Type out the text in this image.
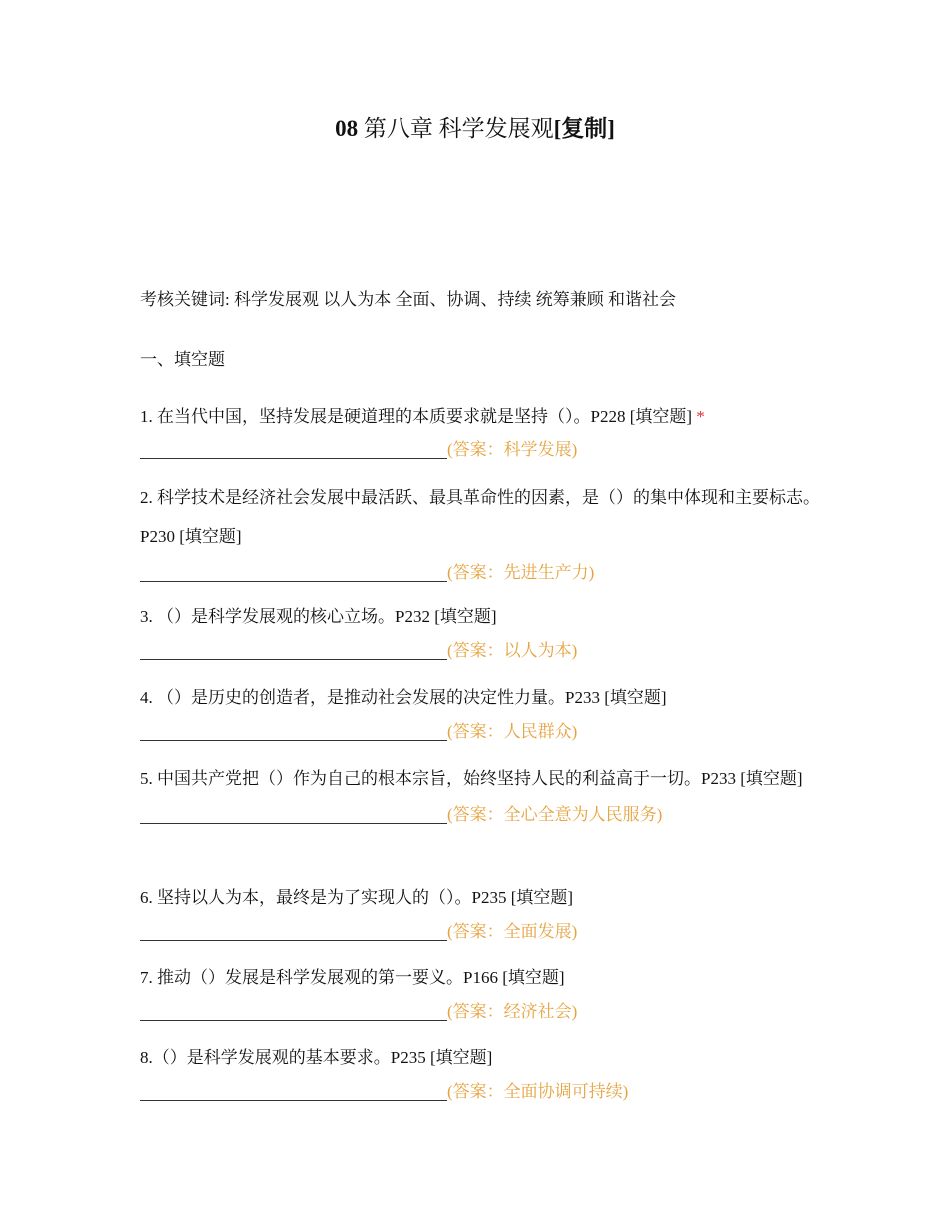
08 第八章 科学发展观[复制]
考核关键词: 科学发展观 以人为本 全面、协调、持续 统筹兼顾 和谐社会
一、填空题
1. 在当代中国，坚持发展是硬道理的本质要求就是坚持（）。P228 [填空题] *
(答案：科学发展)
2. 科学技术是经济社会发展中最活跃、最具革命性的因素，是（）的集中体现和主要标志。P230 [填空题]
(答案：先进生产力)
3. （）是科学发展观的核心立场。P232 [填空题]
(答案：以人为本)
4. （）是历史的创造者，是推动社会发展的决定性力量。P233 [填空题]
(答案：人民群众)
5. 中国共产党把（）作为自己的根本宗旨，始终坚持人民的利益高于一切。P233 [填空题]
(答案：全心全意为人民服务)
6. 坚持以人为本，最终是为了实现人的（）。P235 [填空题]
(答案：全面发展)
7. 推动（）发展是科学发展观的第一要义。P166 [填空题]
(答案：经济社会)
8.（）是科学发展观的基本要求。P235 [填空题]
(答案：全面协调可持续)
